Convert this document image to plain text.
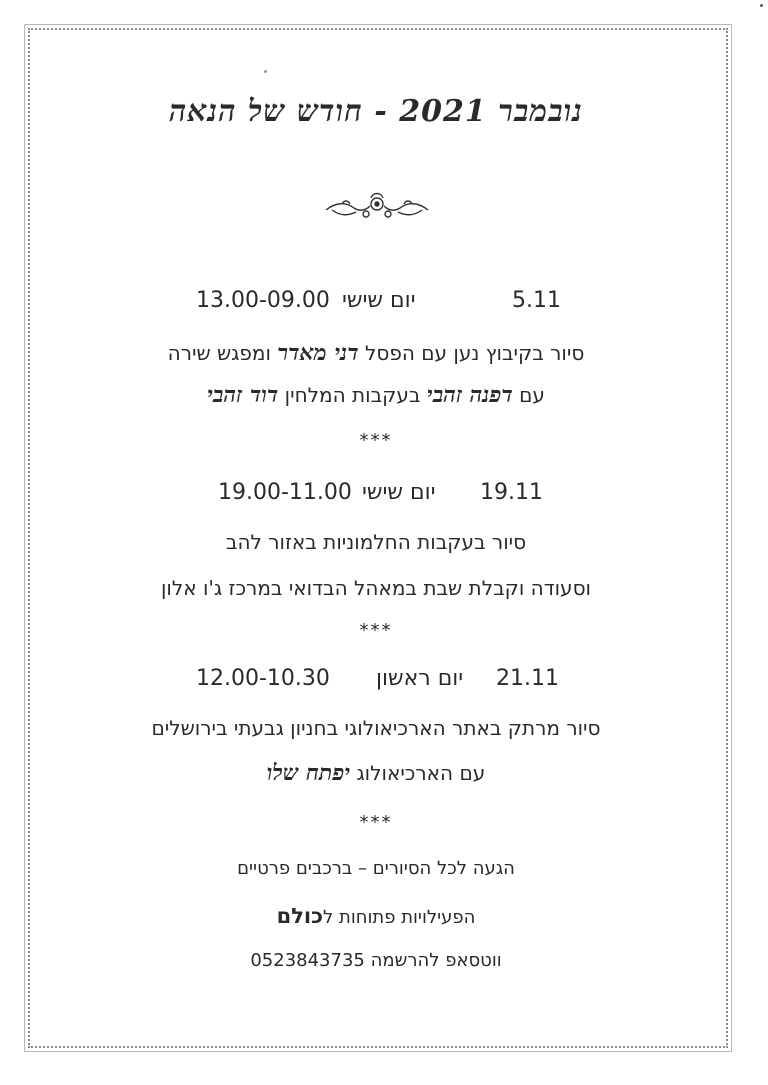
נובמבר 2021 - חודש של הנאה
13.00-09.00 יום שישי	5.11
סיור בקיבוץ נען עם הפסל דני מאדר ומפגש שירה
עם דפנה זהבי בעקבות המלחין דוד זהבי
***
19.00-11.00 יום שישי 19.11
סיור בעקבות החלמוניות באזור להב
וסעודה וקבלת שבת במאהל הבדואי במרכז ג'ו אלון
***
12.00-10.30 יום ראשון 21.11
סיור מרתק באתר הארכיאולוגי בחניון גבעתי בירושלים
עם הארכיאולוג יפתח שלו
***
הגעה לכל הסיורים – ברכבים פרטיים
הפעילויות פתוחות לכולם
ווטסאפ להרשמה 0523843735
